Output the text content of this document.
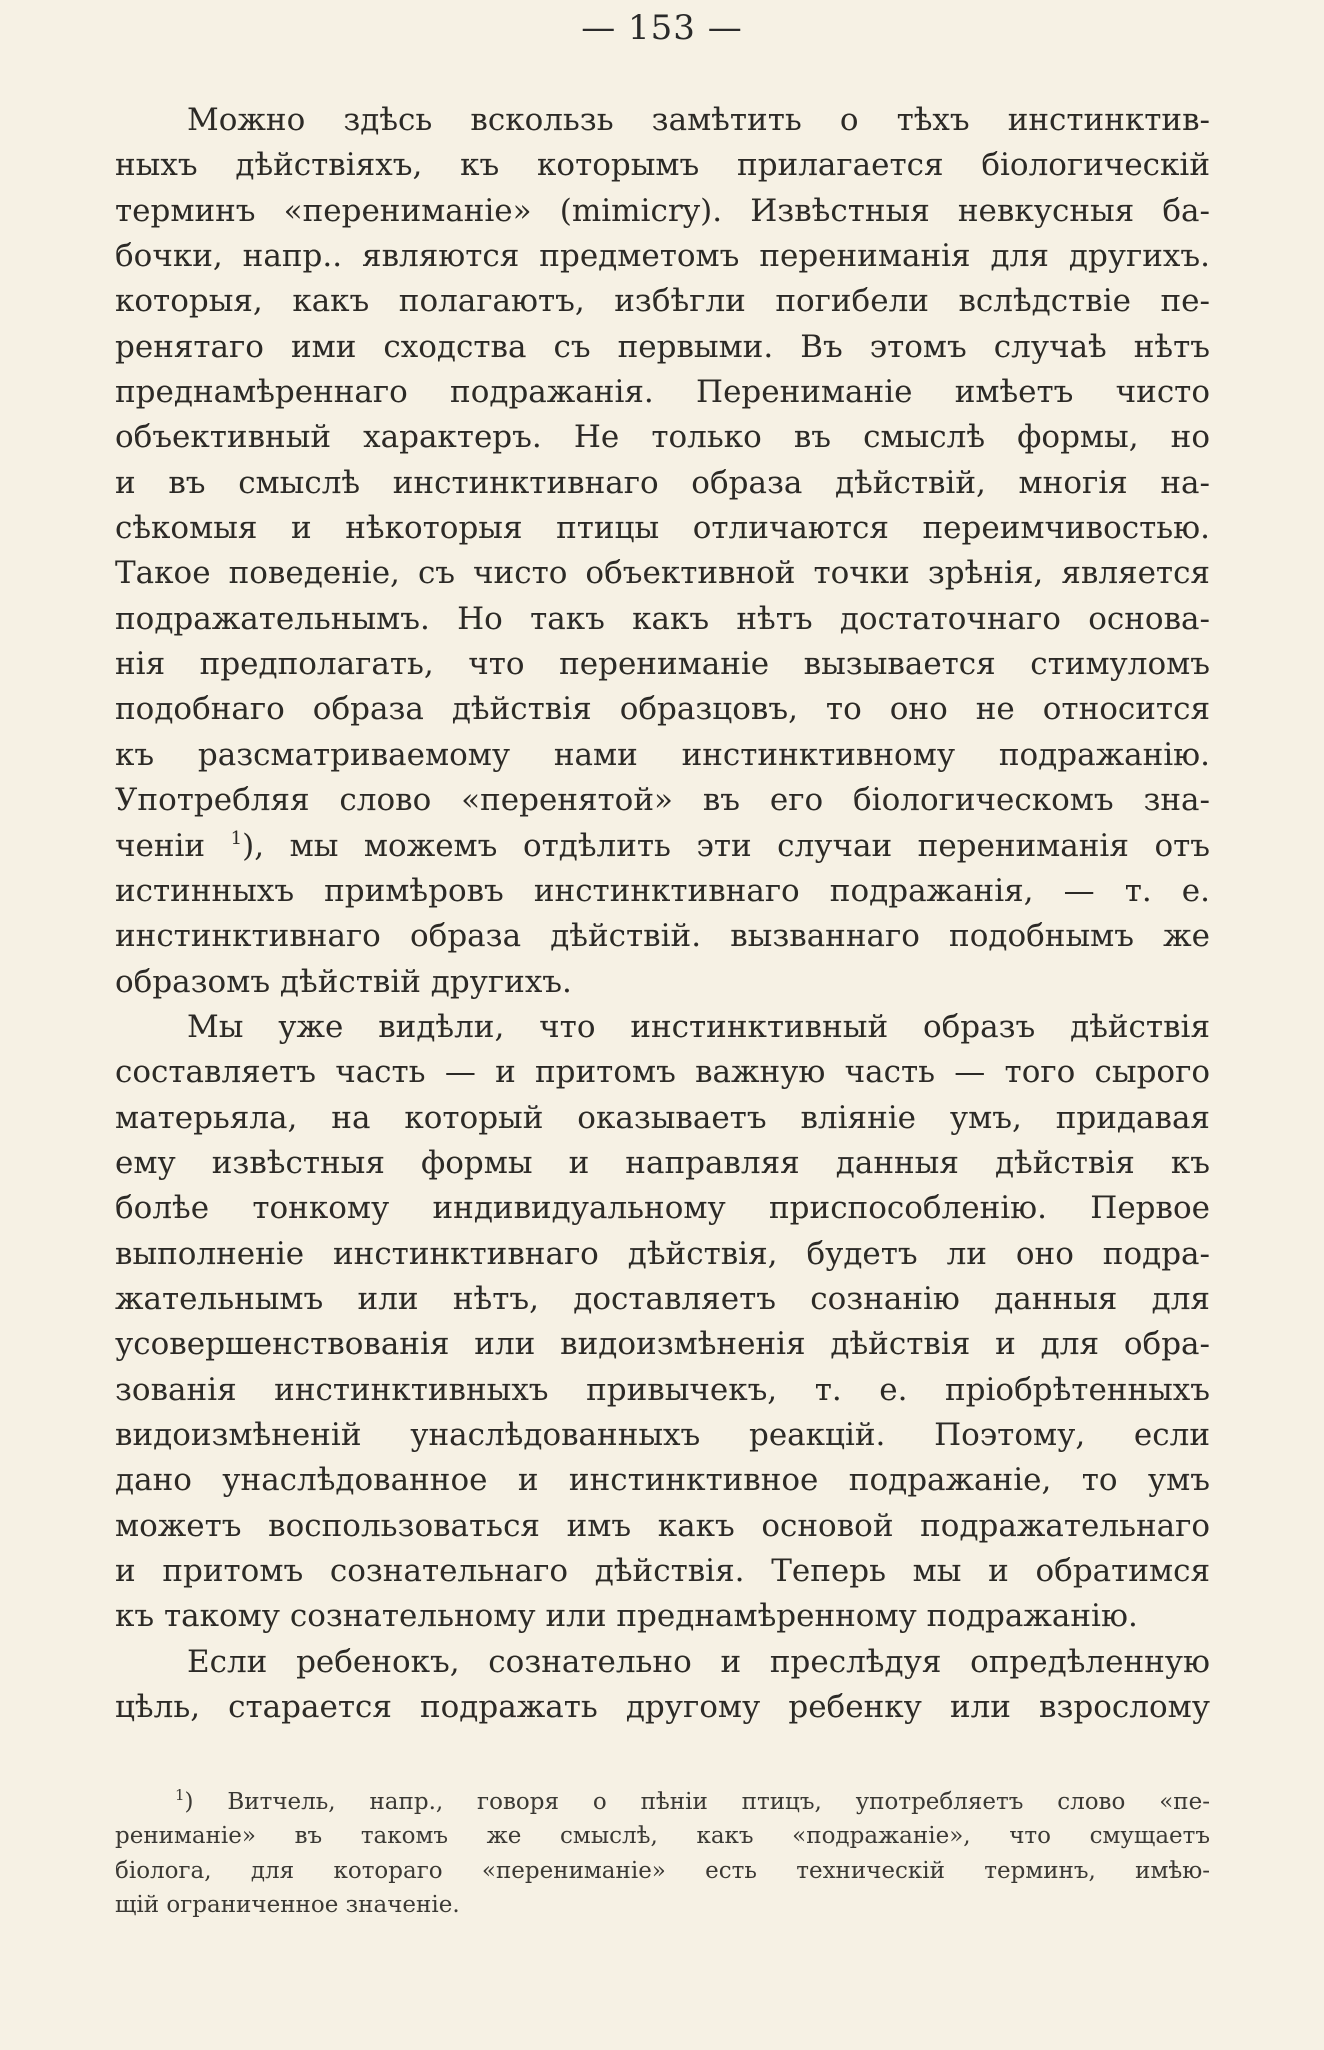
— 153 —
Можно здѣсь вскользь замѣтить о тѣхъ инстинктив-
ныхъ дѣйствіяхъ, къ которымъ прилагается біологическій
терминъ «перениманіе» (mimicry). Извѣстныя невкусныя ба-
бочки, напр.. являются предметомъ перениманія для другихъ.
которыя, какъ полагаютъ, избѣгли погибели вслѣдствіе пе-
ренятаго ими сходства съ первыми. Въ этомъ случаѣ нѣтъ
преднамѣреннаго подражанія. Перениманіе имѣетъ чисто
объективный характеръ. Не только въ смыслѣ формы, но
и въ смыслѣ инстинктивнаго образа дѣйствій, многія на-
сѣкомыя и нѣкоторыя птицы отличаются переимчивостью.
Такое поведеніе, съ чисто объективной точки зрѣнія, является
подражательнымъ. Но такъ какъ нѣтъ достаточнаго основа-
нія предполагать, что перениманіе вызывается стимуломъ
подобнаго образа дѣйствія образцовъ, то оно не относится
къ разсматриваемому нами инстинктивному подражанію.
Употребляя слово «перенятой» въ его біологическомъ зна-
ченіи $^1$), мы можемъ отдѣлить эти случаи перениманія отъ
истинныхъ примѣровъ инстинктивнаго подражанія, — т. е.
инстинктивнаго образа дѣйствій. вызваннаго подобнымъ же
образомъ дѣйствій другихъ.
Мы уже видѣли, что инстинктивный образъ дѣйствія
составляетъ часть — и притомъ важную часть — того сырого
матерьяла, на который оказываетъ вліяніе умъ, придавая
ему извѣстныя формы и направляя данныя дѣйствія къ
болѣе тонкому индивидуальному приспособленію. Первое
выполненіе инстинктивнаго дѣйствія, будетъ ли оно подра-
жательнымъ или нѣтъ, доставляетъ сознанію данныя для
усовершенствованія или видоизмѣненія дѣйствія и для обра-
зованія инстинктивныхъ привычекъ, т. е. пріобрѣтенныхъ
видоизмѣненій унаслѣдованныхъ реакцій. Поэтому, если
дано унаслѣдованное и инстинктивное подражаніе, то умъ
можетъ воспользоваться имъ какъ основой подражательнаго
и притомъ сознательнаго дѣйствія. Теперь мы и обратимся
къ такому сознательному или преднамѣренному подражанію.
Если ребенокъ, сознательно и преслѣдуя опредѣленную
цѣль, старается подражать другому ребенку или взрослому
$^1$) Витчель, напр., говоря о пѣніи птицъ, употребляетъ слово «пе-
рениманіе» въ такомъ же смыслѣ, какъ «подражаніе», что смущаетъ
біолога, для котораго «перениманіе» есть техническій терминъ, имѣю-
щій ограниченное значеніе.
